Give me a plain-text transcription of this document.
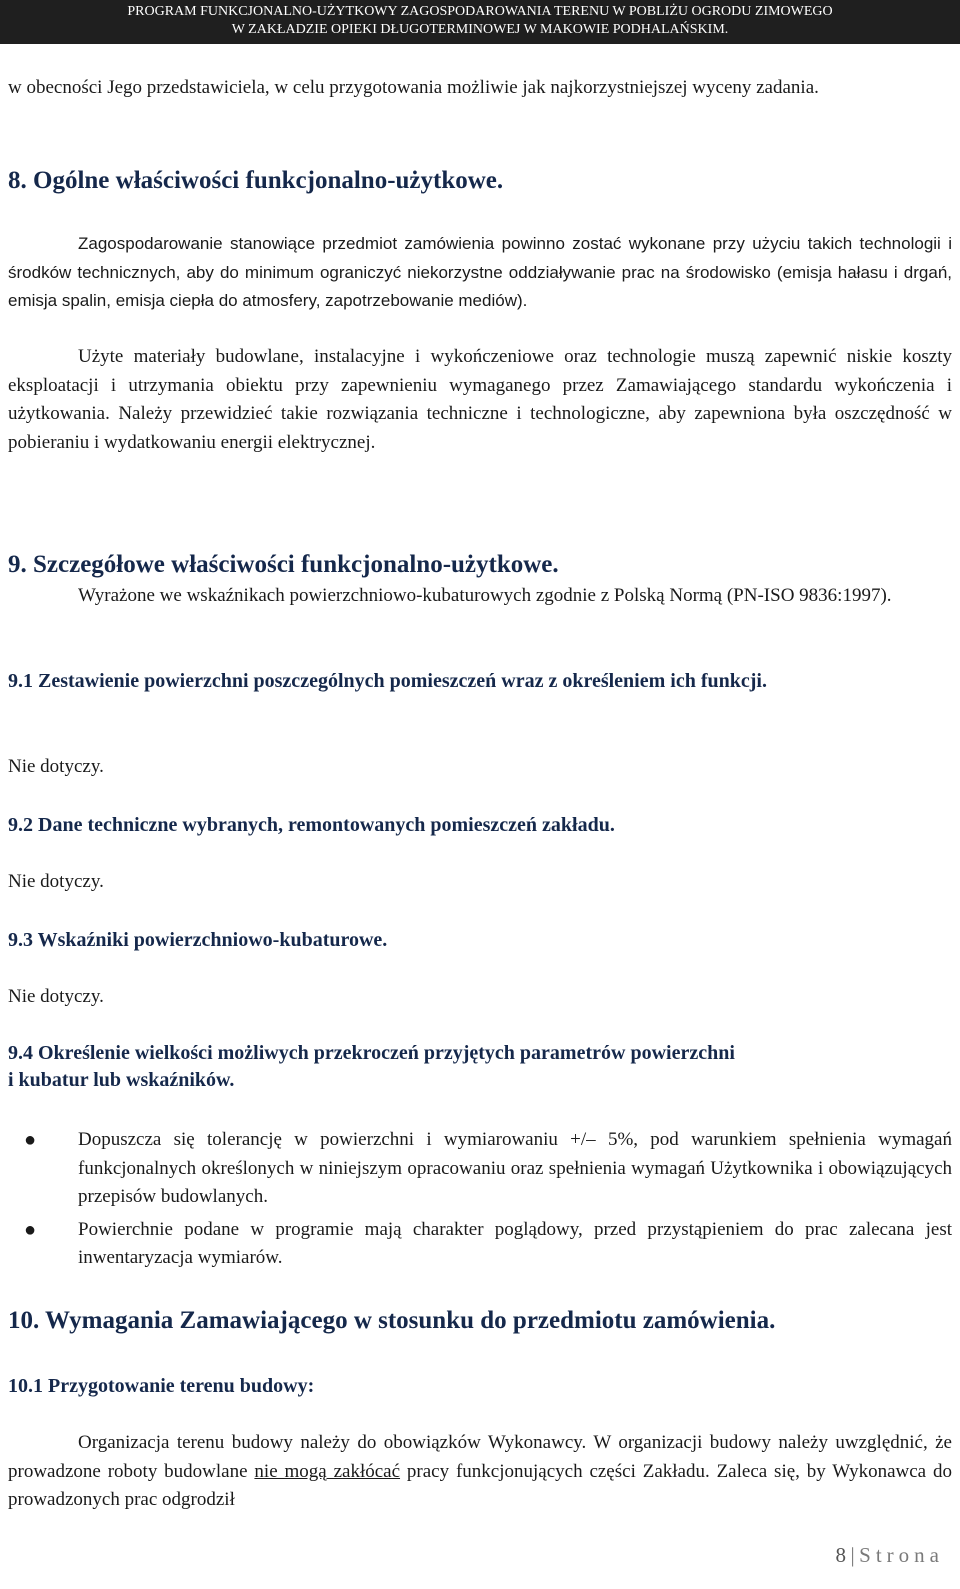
PROGRAM FUNKCJONALNO-UŻYTKOWY ZAGOSPODAROWANIA TERENU W POBLIŻU OGRODU ZIMOWEGO
W ZAKŁADZIE OPIEKI DŁUGOTERMINOWEJ W MAKOWIE PODHALAŃSKIM.

w obecności Jego przedstawiciela, w celu przygotowania możliwie jak najkorzystniejszej wyceny zadania.

8. Ogólne właściwości funkcjonalno-użytkowe.

Zagospodarowanie stanowiące przedmiot zamówienia powinno zostać wykonane przy użyciu takich technologii i środków technicznych, aby do minimum ograniczyć niekorzystne oddziaływanie prac na środowisko (emisja hałasu i drgań, emisja spalin, emisja ciepła do atmosfery, zapotrzebowanie mediów).

Użyte materiały budowlane, instalacyjne i wykończeniowe oraz technologie muszą zapewnić niskie koszty eksploatacji i utrzymania obiektu przy zapewnieniu wymaganego przez Zamawiającego standardu wykończenia i użytkowania. Należy przewidzieć takie rozwiązania techniczne i technologiczne, aby zapewniona była oszczędność w pobieraniu i wydatkowaniu energii elektrycznej.

9. Szczegółowe właściwości funkcjonalno-użytkowe.

Wyrażone we wskaźnikach powierzchniowo-kubaturowych zgodnie z Polską Normą (PN-ISO 9836:1997).

9.1 Zestawienie powierzchni poszczególnych pomieszczeń wraz z określeniem ich funkcji.

Nie dotyczy.

9.2 Dane techniczne wybranych, remontowanych pomieszczeń zakładu.

Nie dotyczy.

9.3 Wskaźniki powierzchniowo-kubaturowe.

Nie dotyczy.

9.4 Określenie wielkości możliwych przekroczeń przyjętych parametrów powierzchni
i kubatur lub wskaźników.
● Dopuszcza się tolerancję w powierzchni i wymiarowaniu +/– 5%, pod warunkiem spełnienia wymagań funkcjonalnych określonych w niniejszym opracowaniu oraz spełnienia wymagań Użytkownika i obowiązujących przepisów budowlanych.
● Powierchnie podane w programie mają charakter poglądowy, przed przystąpieniem do prac zalecana jest inwentaryzacja wymiarów.
10. Wymagania Zamawiającego w stosunku do przedmiotu zamówienia.
10.1 Przygotowanie terenu budowy:

Organizacja terenu budowy należy do obowiązków Wykonawcy. W organizacji budowy należy uwzględnić, że prowadzone roboty budowlane nie mogą zakłócać pracy funkcjonujących części Zakładu. Zaleca się, by Wykonawca do prowadzonych prac odgrodził

8 | Strona
